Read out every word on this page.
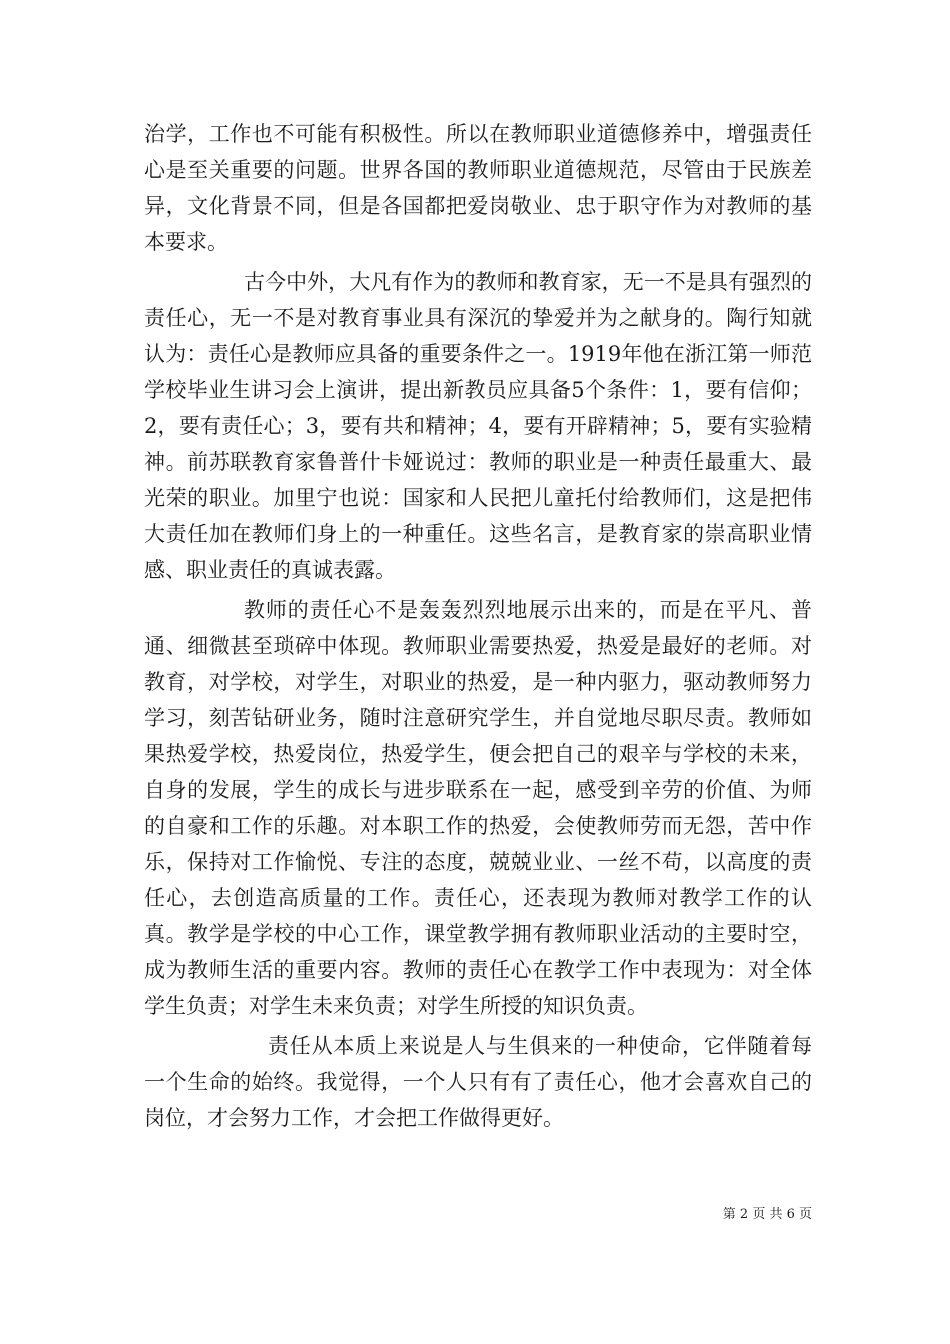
治学，工作也不可能有积极性。所以在教师职业道德修养中，增强责任心是至关重要的问题。世界各国的教师职业道德规范，尽管由于民族差异，文化背景不同，但是各国都把爱岗敬业、忠于职守作为对教师的基本要求。

古今中外，大凡有作为的教师和教育家，无一不是具有强烈的责任心，无一不是对教育事业具有深沉的挚爱并为之献身的。陶行知就认为：责任心是教师应具备的重要条件之一。1919年他在浙江第一师范学校毕业生讲习会上演讲，提出新教员应具备5个条件：1，要有信仰；2，要有责任心；3，要有共和精神；4，要有开辟精神；5，要有实验精神。前苏联教育家鲁普什卡娅说过：教师的职业是一种责任最重大、最光荣的职业。加里宁也说：国家和人民把儿童托付给教师们，这是把伟大责任加在教师们身上的一种重任。这些名言，是教育家的崇高职业情感、职业责任的真诚表露。

教师的责任心不是轰轰烈烈地展示出来的，而是在平凡、普通、细微甚至琐碎中体现。教师职业需要热爱，热爱是最好的老师。对教育，对学校，对学生，对职业的热爱，是一种内驱力，驱动教师努力学习，刻苦钻研业务，随时注意研究学生，并自觉地尽职尽责。教师如果热爱学校，热爱岗位，热爱学生，便会把自己的艰辛与学校的未来，自身的发展，学生的成长与进步联系在一起，感受到辛劳的价值、为师的自豪和工作的乐趣。对本职工作的热爱，会使教师劳而无怨，苦中作乐，保持对工作愉悦、专注的态度，兢兢业业、一丝不苟，以高度的责任心，去创造高质量的工作。责任心，还表现为教师对教学工作的认真。教学是学校的中心工作，课堂教学拥有教师职业活动的主要时空，成为教师生活的重要内容。教师的责任心在教学工作中表现为：对全体学生负责；对学生未来负责；对学生所授的知识负责。

责任从本质上来说是人与生俱来的一种使命，它伴随着每一个生命的始终。我觉得，一个人只有有了责任心，他才会喜欢自己的岗位，才会努力工作，才会把工作做得更好。

第 2 页 共 6 页
